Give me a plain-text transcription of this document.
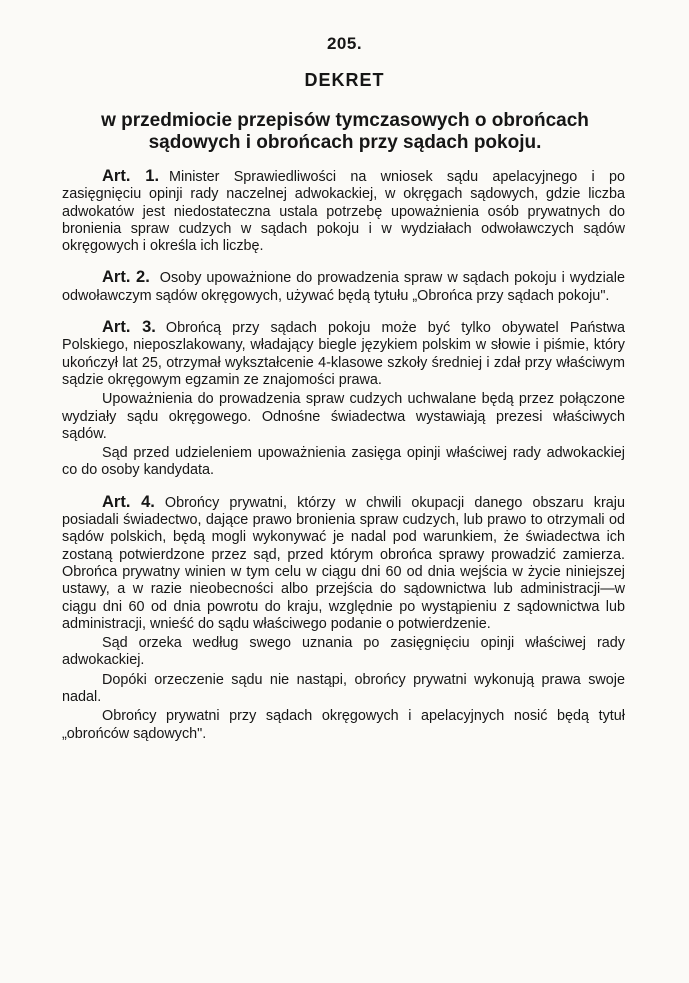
205.
DEKRET
w przedmiocie przepisów tymczasowych o obrońcach sądowych i obrońcach przy sądach pokoju.

Art. 1. Minister Sprawiedliwości na wniosek sądu apelacyjnego i po zasięgnięciu opinji rady naczelnej adwokackiej, w okręgach sądowych, gdzie liczba adwokatów jest niedostateczna ustala potrzebę upoważnienia osób prywatnych do bronienia spraw cudzych w sądach pokoju i w wydziałach odwoławczych sądów okręgowych i określa ich liczbę.

Art. 2. Osoby upoważnione do prowadzenia spraw w sądach pokoju i wydziale odwoławczym sądów okręgowych, używać będą tytułu „Obrońca przy sądach pokoju".

Art. 3. Obrońcą przy sądach pokoju może być tylko obywatel Państwa Polskiego, nieposzlakowany, władający biegle językiem polskim w słowie i piśmie, który ukończył lat 25, otrzymał wykształcenie 4-klasowe szkoły średniej i zdał przy właściwym sądzie okręgowym egzamin ze znajomości prawa.

Upoważnienia do prowadzenia spraw cudzych uchwalane będą przez połączone wydziały sądu okręgowego. Odnośne świadectwa wystawiają prezesi właściwych sądów.

Sąd przed udzieleniem upoważnienia zasięga opinji właściwej rady adwokackiej co do osoby kandydata.

Art. 4. Obrońcy prywatni, którzy w chwili okupacji danego obszaru kraju posiadali świadectwo, dające prawo bronienia spraw cudzych, lub prawo to otrzymali od sądów polskich, będą mogli wykonywać je nadal pod warunkiem, że świadectwa ich zostaną potwierdzone przez sąd, przed którym obrońca sprawy prowadzić zamierza. Obrońca prywatny winien w tym celu w ciągu dni 60 od dnia wejścia w życie niniejszej ustawy, a w razie nieobecności albo przejścia do sądownictwa lub administracji—w ciągu dni 60 od dnia powrotu do kraju, względnie po wystąpieniu z sądownictwa lub administracji, wnieść do sądu właściwego podanie o potwierdzenie.

Sąd orzeka według swego uznania po zasięgnięciu opinji właściwej rady adwokackiej.

Dopóki orzeczenie sądu nie nastąpi, obrońcy prywatni wykonują prawa swoje nadal.

Obrońcy prywatni przy sądach okręgowych i apelacyjnych nosić będą tytuł „obrońców sądowych".
